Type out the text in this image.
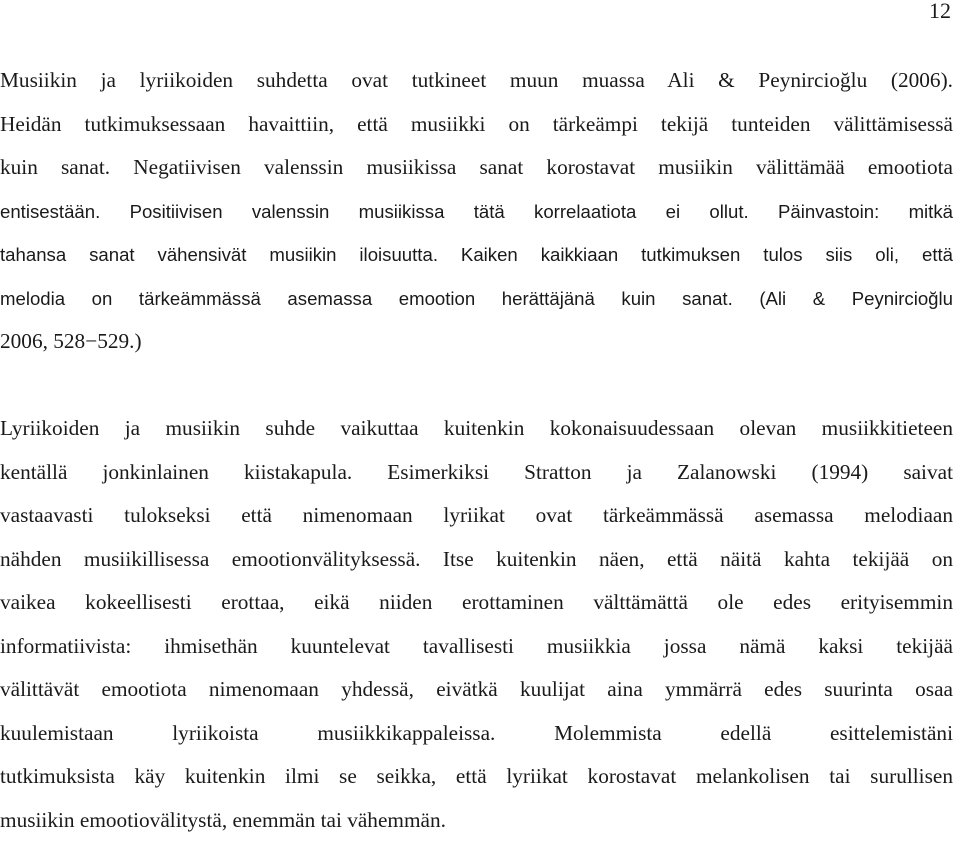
12
Musiikin ja lyriikoiden suhdetta ovat tutkineet muun muassa Ali & Peynircioğlu (2006).
Heidän tutkimuksessaan havaittiin, että musiikki on tärkeämpi tekijä tunteiden välittämisessä
kuin sanat. Negatiivisen valenssin musiikissa sanat korostavat musiikin välittämää emootiota
entisestään. Positiivisen valenssin musiikissa tätä korrelaatiota ei ollut. Päinvastoin: mitkä
tahansa sanat vähensivät musiikin iloisuutta. Kaiken kaikkiaan tutkimuksen tulos siis oli, että
melodia on tärkeämmässä asemassa emootion herättäjänä kuin sanat. (Ali & Peynircioğlu
2006, 528−529.)
Lyriikoiden ja musiikin suhde vaikuttaa kuitenkin kokonaisuudessaan olevan musiikkitieteen
kentällä jonkinlainen kiistakapula. Esimerkiksi Stratton ja Zalanowski (1994) saivat
vastaavasti tulokseksi että nimenomaan lyriikat ovat tärkeämmässä asemassa melodiaan
nähden musiikillisessa emootionvälityksessä. Itse kuitenkin näen, että näitä kahta tekijää on
vaikea kokeellisesti erottaa, eikä niiden erottaminen välttämättä ole edes erityisemmin
informatiivista: ihmisethän kuuntelevat tavallisesti musiikkia jossa nämä kaksi tekijää
välittävät emootiota nimenomaan yhdessä, eivätkä kuulijat aina ymmärrä edes suurinta osaa
kuulemistaan lyriikoista musiikkikappaleissa. Molemmista edellä esittelemistäni
tutkimuksista käy kuitenkin ilmi se seikka, että lyriikat korostavat melankolisen tai surullisen
musiikin emootiovälitystä, enemmän tai vähemmän.
